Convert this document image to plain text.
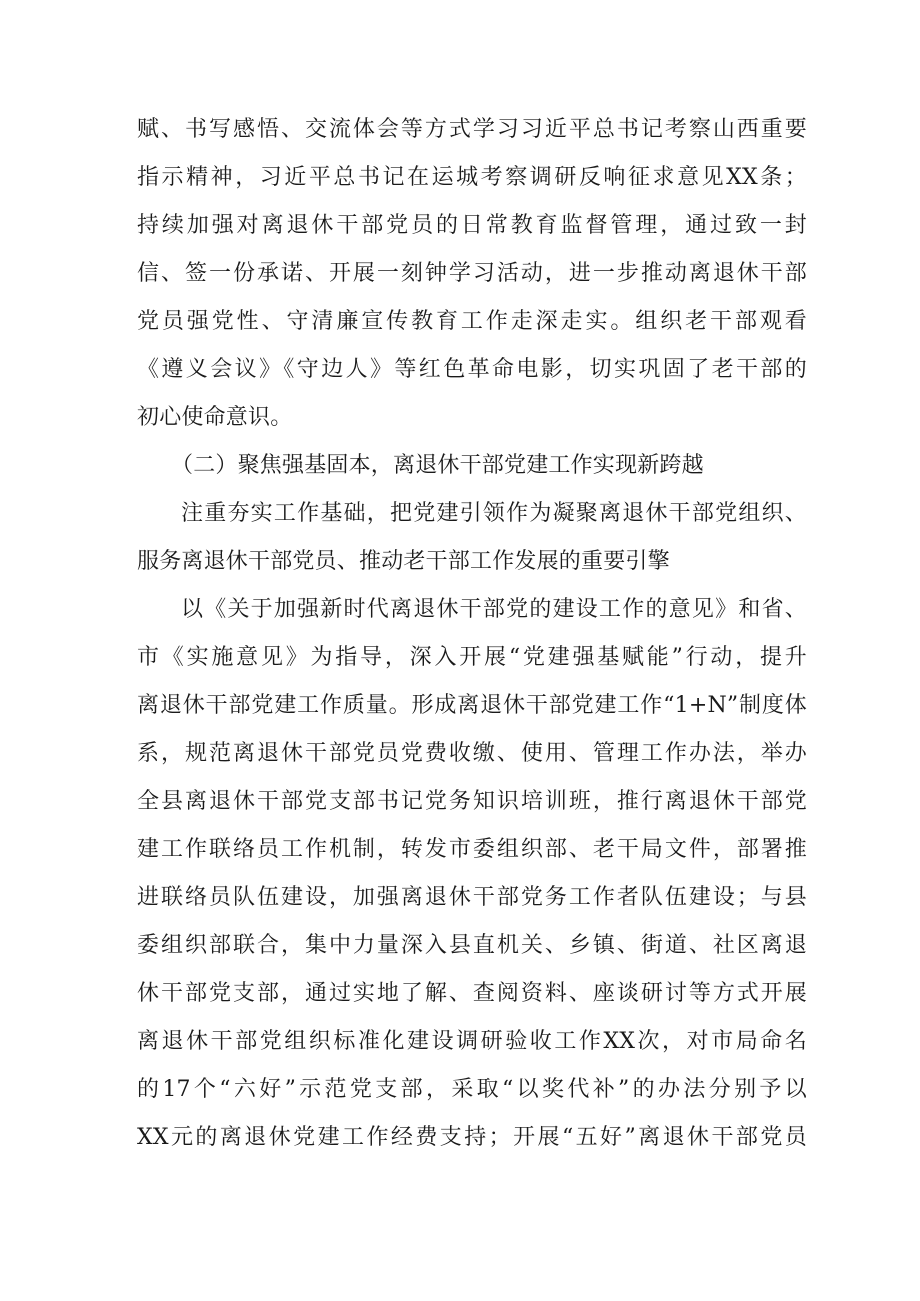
赋、书写感悟、交流体会等方式学习习近平总书记考察山西重要
指示精神，习近平总书记在运城考察调研反响征求意见XX条；
持续加强对离退休干部党员的日常教育监督管理，通过致一封
信、签一份承诺、开展一刻钟学习活动，进一步推动离退休干部
党员强党性、守清廉宣传教育工作走深走实。组织老干部观看
《遵义会议》《守边人》等红色革命电影，切实巩固了老干部的
初心使命意识。
（二）聚焦强基固本，离退休干部党建工作实现新跨越
注重夯实工作基础，把党建引领作为凝聚离退休干部党组织、
服务离退休干部党员、推动老干部工作发展的重要引擎
以《关于加强新时代离退休干部党的建设工作的意见》和省、
市《实施意见》为指导，深入开展“党建强基赋能”行动，提升
离退休干部党建工作质量。形成离退休干部党建工作“1+N”制度体
系，规范离退休干部党员党费收缴、使用、管理工作办法，举办
全县离退休干部党支部书记党务知识培训班，推行离退休干部党
建工作联络员工作机制，转发市委组织部、老干局文件，部署推
进联络员队伍建设，加强离退休干部党务工作者队伍建设；与县
委组织部联合，集中力量深入县直机关、乡镇、街道、社区离退
休干部党支部，通过实地了解、查阅资料、座谈研讨等方式开展
离退休干部党组织标准化建设调研验收工作XX次，对市局命名
的17个“六好”示范党支部，采取“以奖代补”的办法分别予以
XX元的离退休党建工作经费支持；开展“五好”离退休干部党员
